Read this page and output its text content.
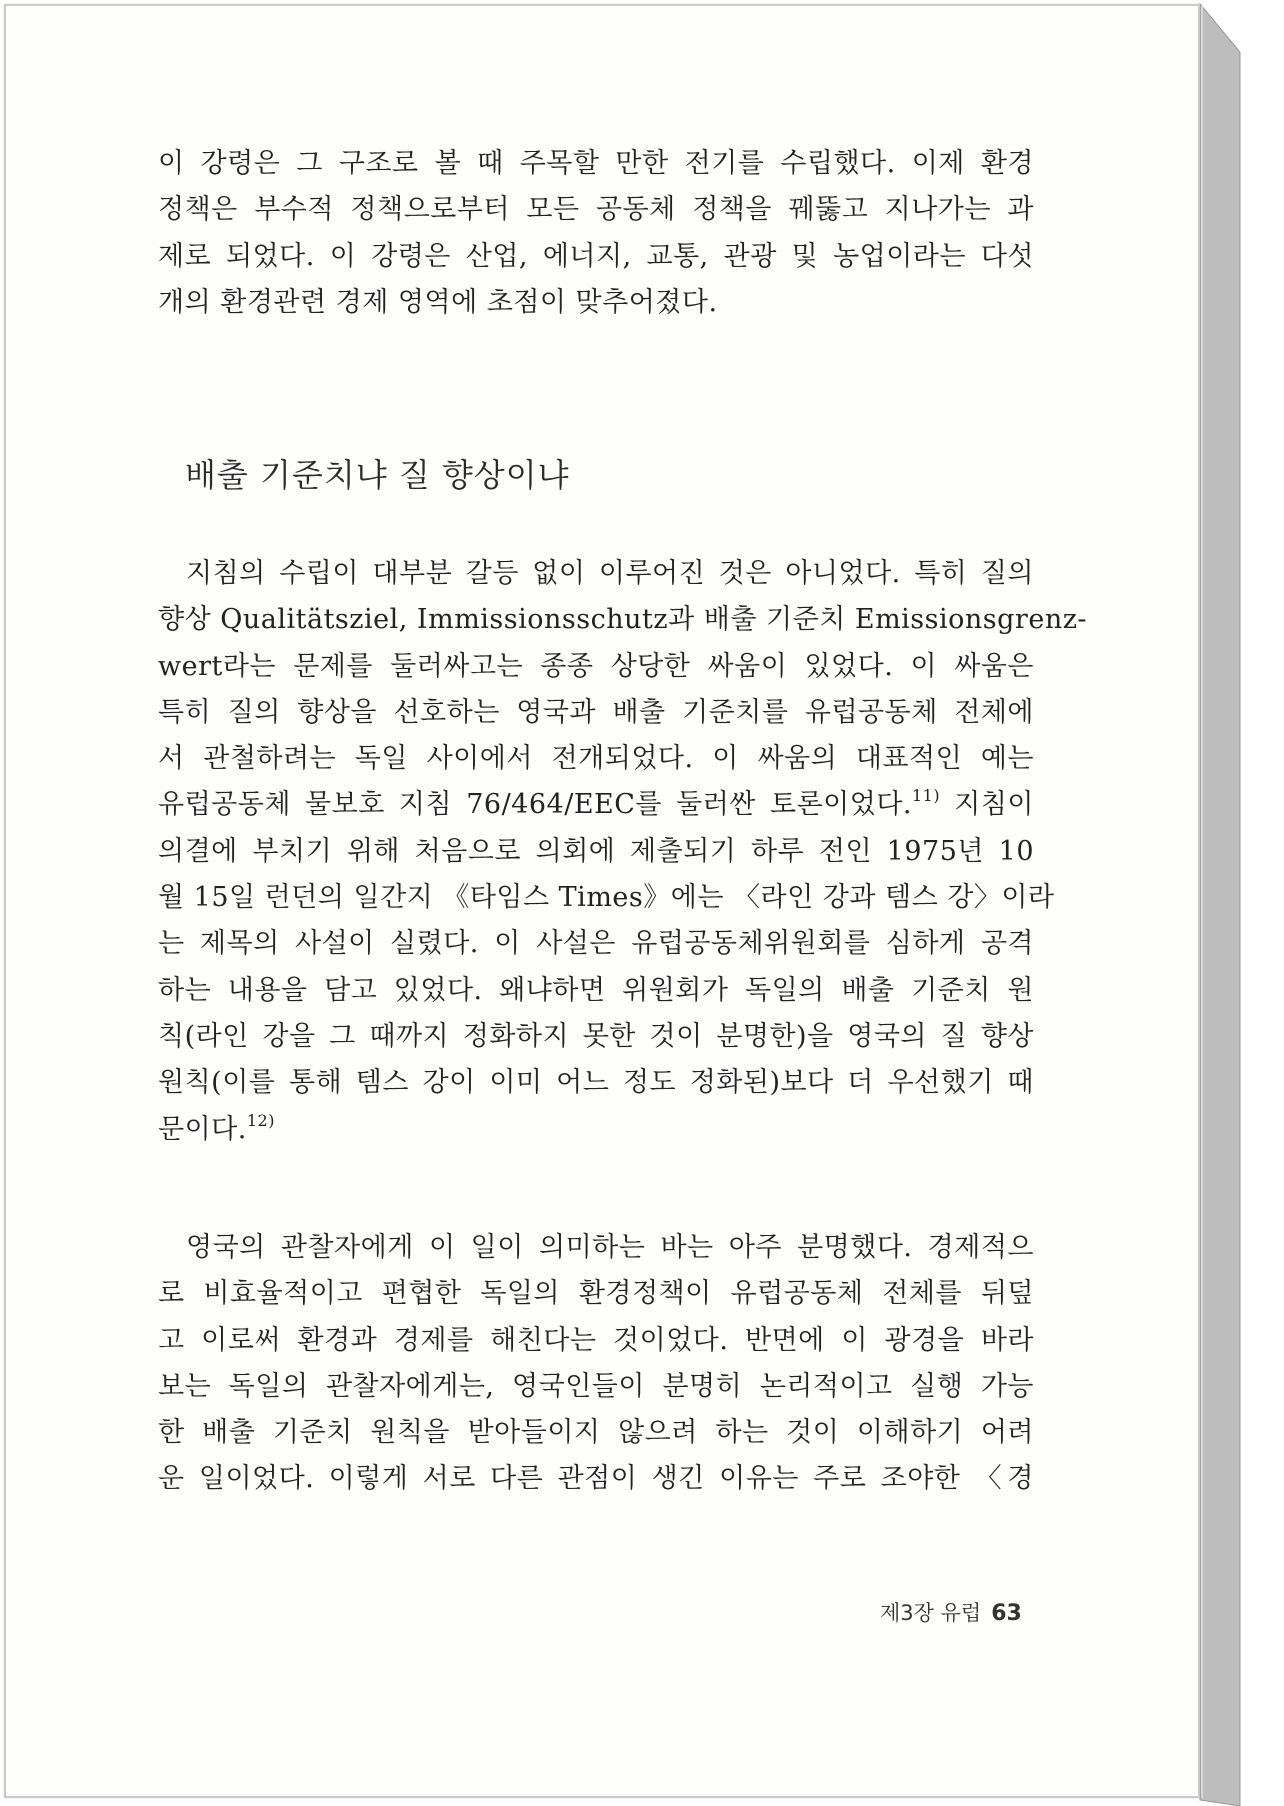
이 강령은 그 구조로 볼 때 주목할 만한 전기를 수립했다. 이제 환경
정책은 부수적 정책으로부터 모든 공동체 정책을 꿰뚫고 지나가는 과
제로 되었다. 이 강령은 산업, 에너지, 교통, 관광 및 농업이라는 다섯
개의 환경관련 경제 영역에 초점이 맞추어졌다.
배출 기준치냐 질 향상이냐
지침의 수립이 대부분 갈등 없이 이루어진 것은 아니었다. 특히 질의
향상 Qualitätsziel, Immissionsschutz과 배출 기준치 Emissionsgrenz-
wert라는 문제를 둘러싸고는 종종 상당한 싸움이 있었다. 이 싸움은
특히 질의 향상을 선호하는 영국과 배출 기준치를 유럽공동체 전체에
서 관철하려는 독일 사이에서 전개되었다. 이 싸움의 대표적인 예는
유럽공동체 물보호 지침 76/464/EEC를 둘러싼 토론이었다.$^{11)}$ 지침이
의결에 부치기 위해 처음으로 의회에 제출되기 하루 전인 1975년 10
월 15일 런던의 일간지 《타임스 Times》에는 〈라인 강과 템스 강〉이라
는 제목의 사설이 실렸다. 이 사설은 유럽공동체위원회를 심하게 공격
하는 내용을 담고 있었다. 왜냐하면 위원회가 독일의 배출 기준치 원
칙(라인 강을 그 때까지 정화하지 못한 것이 분명한)을 영국의 질 향상
원칙(이를 통해 템스 강이 이미 어느 정도 정화된)보다 더 우선했기 때
문이다.$^{12)}$
영국의 관찰자에게 이 일이 의미하는 바는 아주 분명했다. 경제적으
로 비효율적이고 편협한 독일의 환경정책이 유럽공동체 전체를 뒤덮
고 이로써 환경과 경제를 해친다는 것이었다. 반면에 이 광경을 바라
보는 독일의 관찰자에게는, 영국인들이 분명히 논리적이고 실행 가능
한 배출 기준치 원칙을 받아들이지 않으려 하는 것이 이해하기 어려
운 일이었다. 이렇게 서로 다른 관점이 생긴 이유는 주로 조야한 〈경
제3장 유럽 63
